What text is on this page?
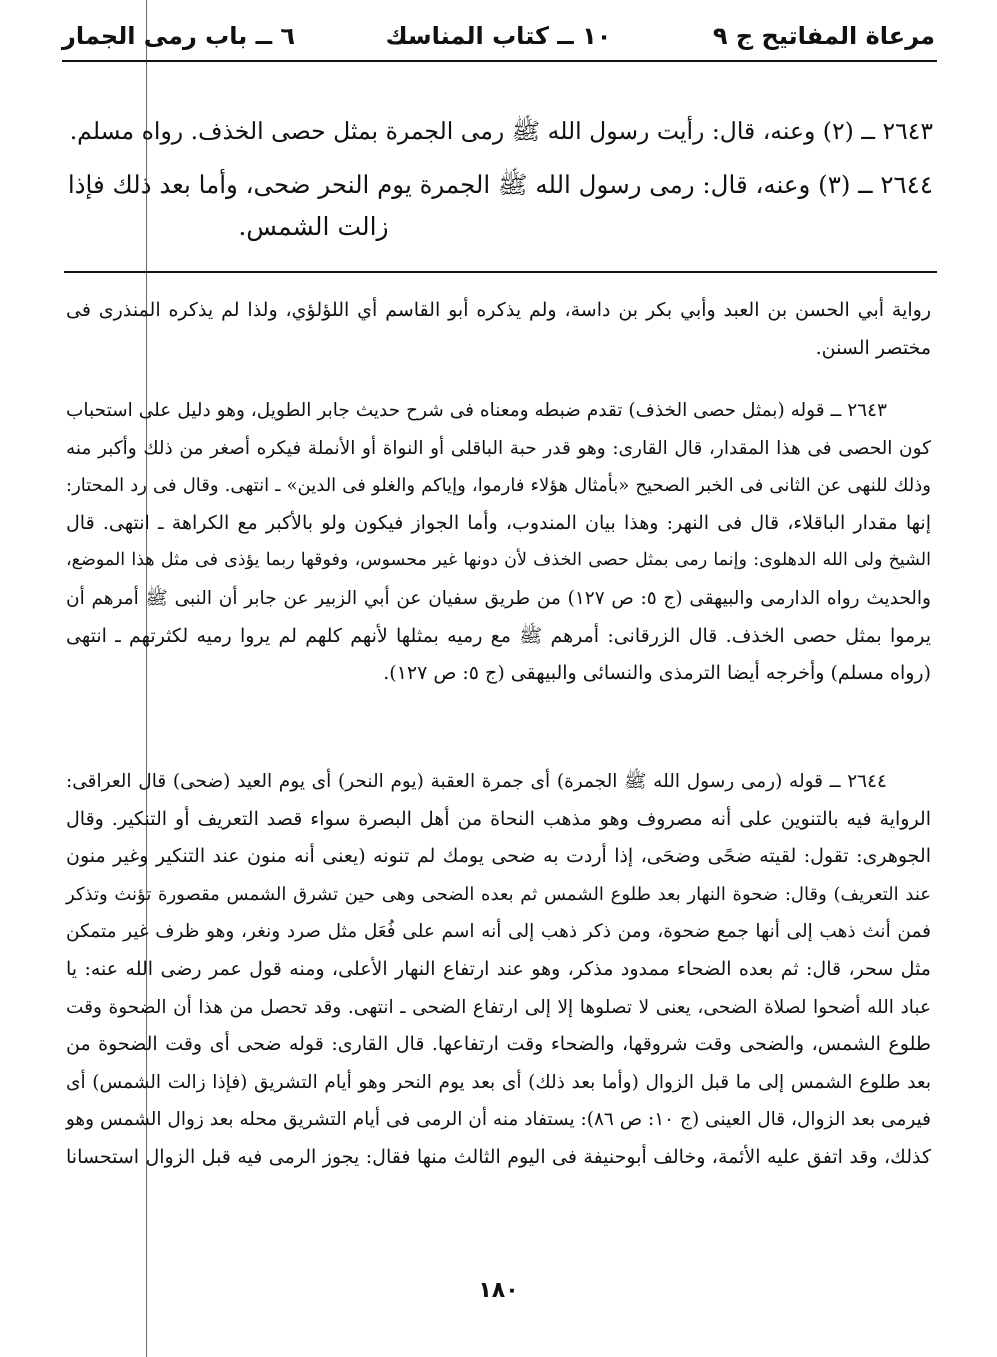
مرعاة المفاتيح ج ٩
١٠ ــ كتاب المناسك
٦ ــ باب رمى الجمار
٢٦٤٣ ــ (٢) وعنه، قال: رأيت رسول الله ﷺ رمى الجمرة بمثل حصى الخذف. رواه مسلم.
٢٦٤٤ ــ (٣) وعنه، قال: رمى رسول الله ﷺ الجمرة يوم النحر ضحى، وأما بعد ذلك فإذا
زالت الشمس.
رواية أبي الحسن بن العبد وأبي بكر بن داسة، ولم يذكره أبو القاسم أي اللؤلؤي، ولذا لم يذكره المنذرى فى
مختصر السنن.
٢٦٤٣ ــ قوله (بمثل حصى الخذف) تقدم ضبطه ومعناه فى شرح حديث جابر الطويل، وهو دليل على استحباب
كون الحصى فى هذا المقدار، قال القارى: وهو قدر حبة الباقلى أو النواة أو الأنملة فيكره أصغر من ذلك وأكبر منه
وذلك للنهى عن الثانى فى الخبر الصحيح «بأمثال هؤلاء فارموا، وإياكم والغلو فى الدين» ـ انتهى. وقال فى رد المحتار:
إنها مقدار الباقلاء، قال فى النهر: وهذا بيان المندوب، وأما الجواز فيكون ولو بالأكبر مع الكراهة ـ انتهى. قال
الشيخ ولى الله الدهلوى: وإنما رمى بمثل حصى الخذف لأن دونها غير محسوس، وفوقها ربما يؤذى فى مثل هذا الموضع،
والحديث رواه الدارمى والبيهقى (ج ٥: ص ١٢٧) من طريق سفيان عن أبي الزبير عن جابر أن النبى ﷺ أمرهم أن
يرموا بمثل حصى الخذف. قال الزرقانى: أمرهم ﷺ مع رميه بمثلها لأنهم كلهم لم يروا رميه لكثرتهم ـ انتهى
(رواه مسلم) وأخرجه أيضا الترمذى والنسائى والبيهقى (ج ٥: ص ١٢٧).
٢٦٤٤ ــ قوله (رمى رسول الله ﷺ الجمرة) أى جمرة العقبة (يوم النحر) أى يوم العيد (ضحى) قال العراقى:
الرواية فيه بالتنوين على أنه مصروف وهو مذهب النحاة من أهل البصرة سواء قصد التعريف أو التنكير. وقال
الجوهرى: تقول: لقيته ضحًى وضحَى، إذا أردت به ضحى يومك لم تنونه (يعنى أنه منون عند التنكير وغير منون
عند التعريف) وقال: ضحوة النهار بعد طلوع الشمس ثم بعده الضحى وهى حين تشرق الشمس مقصورة تؤنث وتذكر
فمن أنث ذهب إلى أنها جمع ضحوة، ومن ذكر ذهب إلى أنه اسم على فُعَل مثل صرد ونغر، وهو ظرف غير متمكن
مثل سحر، قال: ثم بعده الضحاء ممدود مذكر، وهو عند ارتفاع النهار الأعلى، ومنه قول عمر رضى الله عنه: يا
عباد الله أضحوا لصلاة الضحى، يعنى لا تصلوها إلا إلى ارتفاع الضحى ـ انتهى. وقد تحصل من هذا أن الضحوة وقت
طلوع الشمس، والضحى وقت شروقها، والضحاء وقت ارتفاعها. قال القارى: قوله ضحى أى وقت الضحوة من
بعد طلوع الشمس إلى ما قبل الزوال (وأما بعد ذلك) أى بعد يوم النحر وهو أيام التشريق (فإذا زالت الشمس) أى
فيرمى بعد الزوال، قال العينى (ج ١٠: ص ٨٦): يستفاد منه أن الرمى فى أيام التشريق محله بعد زوال الشمس وهو
كذلك، وقد اتفق عليه الأئمة، وخالف أبوحنيفة فى اليوم الثالث منها فقال: يجوز الرمى فيه قبل الزوال استحسانا
١٨٠
